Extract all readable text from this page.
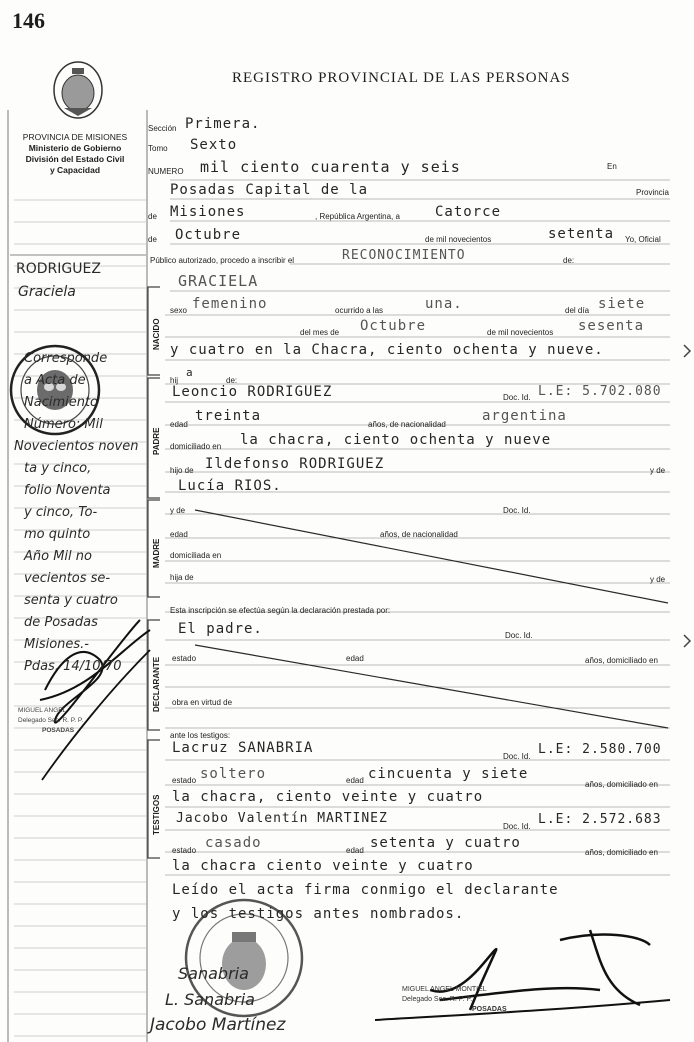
146
REGISTRO PROVINCIAL DE LAS PERSONAS
PROVINCIA DE MISIONES
Ministerio de Gobierno
División del Estado Civil
y Capacidad
Sección Primera.
Tomo Sexto
NUMERO mil ciento cuarenta y seis	En
Posadas Capital de la	Provincia
de Misiones	, República Argentina, a	Catorce
de Octubre	de mil novecientos	setenta Yo, Oficial
Público autorizado, procedo a inscribir el	RECONOCIMIENTO	de:
RODRIGUEZ
Graciela
Corresponde
a Acta de
Nacimiento
Número: Mil
Novecientos noven
ta y cinco,
folio Noventa
y cinco, To-
mo quinto
Año Mil no
vecientos se-
senta y cuatro
de Posadas
Misiones.-
Pdas. 14/10/70
MIGUEL ANGEL
Delegado Sec. R. P. P.
POSADAS
NACIDO
GRACIELA
sexo femenino	ocurrido a las	una.	del día siete
del mes de Octubre	de mil novecientos sesenta
y cuatro en la Chacra, ciento ochenta y nueve.
hij
a
de:
PADRE
Leoncio RODRIGUEZ	Doc. Id. L.E: 5.702.080
edad
treinta
años, de nacionalidad
argentina
domiciliado en la chacra, ciento ochenta y nueve
hijo de Ildefonso RODRIGUEZ	y de
Lucía RIOS.
MADRE
y de	Doc. Id.
edad	años, de nacionalidad
domiciliada en
hija de	y de
Esta inscripción se efectúa según la declaración prestada por:
DECLARANTE
El padre.	Doc. Id.
estado	edad	años, domiciliado en
obra en virtud de
ante los testigos:
TESTIGOS
Lacruz SANABRIA
Doc. Id. L.E: 2.580.700
estado soltero	edad cincuenta y siete
años, domiciliado en
la chacra, ciento veinte y cuatro
Jacobo Valentín MARTINEZ
Doc. Id. L.E: 2.572.683
estado casado	edad setenta y cuatro
años, domiciliado en
la chacra ciento veinte y cuatro
Leído el acta firma conmigo el declarante
y los testigos antes nombrados.
Sanabria
L. Sanabria
Jacobo Martínez
MIGUEL ANGEL MONTIEL
Delegado Sec. R. P. P.
POSADAS
